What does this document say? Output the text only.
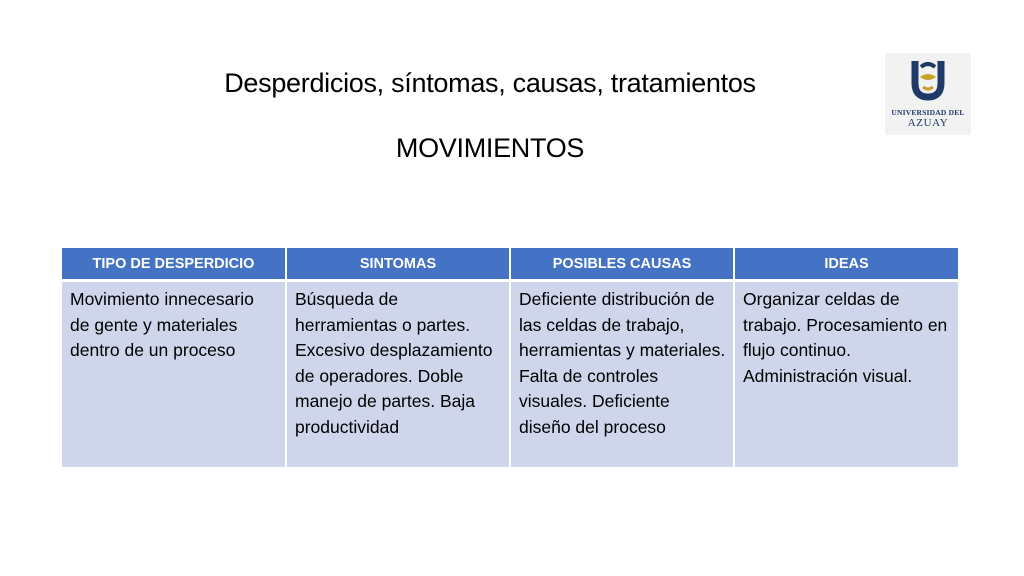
Desperdicios, síntomas, causas, tratamientos
MOVIMIENTOS
UNIVERSIDAD DEL
AZUAY
TIPO DE DESPERDICIO	SINTOMAS	POSIBLES CAUSAS	IDEAS
Movimiento innecesario de gente y materiales dentro de un proceso	Búsqueda de herramientas o partes. Excesivo desplazamiento de operadores. Doble manejo de partes. Baja productividad	Deficiente distribución de las celdas de trabajo, herramientas y materiales. Falta de controles visuales. Deficiente diseño del proceso	Organizar celdas de trabajo. Procesamiento en flujo continuo. Administración visual.
